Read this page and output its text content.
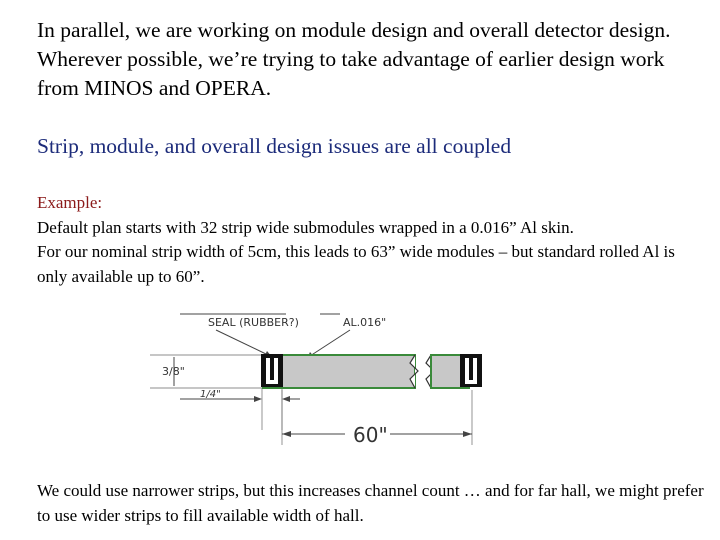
In parallel, we are working on module design and overall detector design. Wherever possible, we’re trying to take advantage of earlier design work from MINOS and OPERA.

Strip, module, and overall design issues are all coupled

Example:
Default plan starts with 32 strip wide submodules wrapped in a 0.016” Al skin.
For our nominal strip width of 5cm, this leads to 63” wide modules – but standard rolled Al is only available up to 60”.
SEAL (RUBBER?)	AL.016"
3/8"
1/4"
60"

We could use narrower strips, but this increases channel count … and for far hall, we might prefer to use wider strips to fill available width of hall.
